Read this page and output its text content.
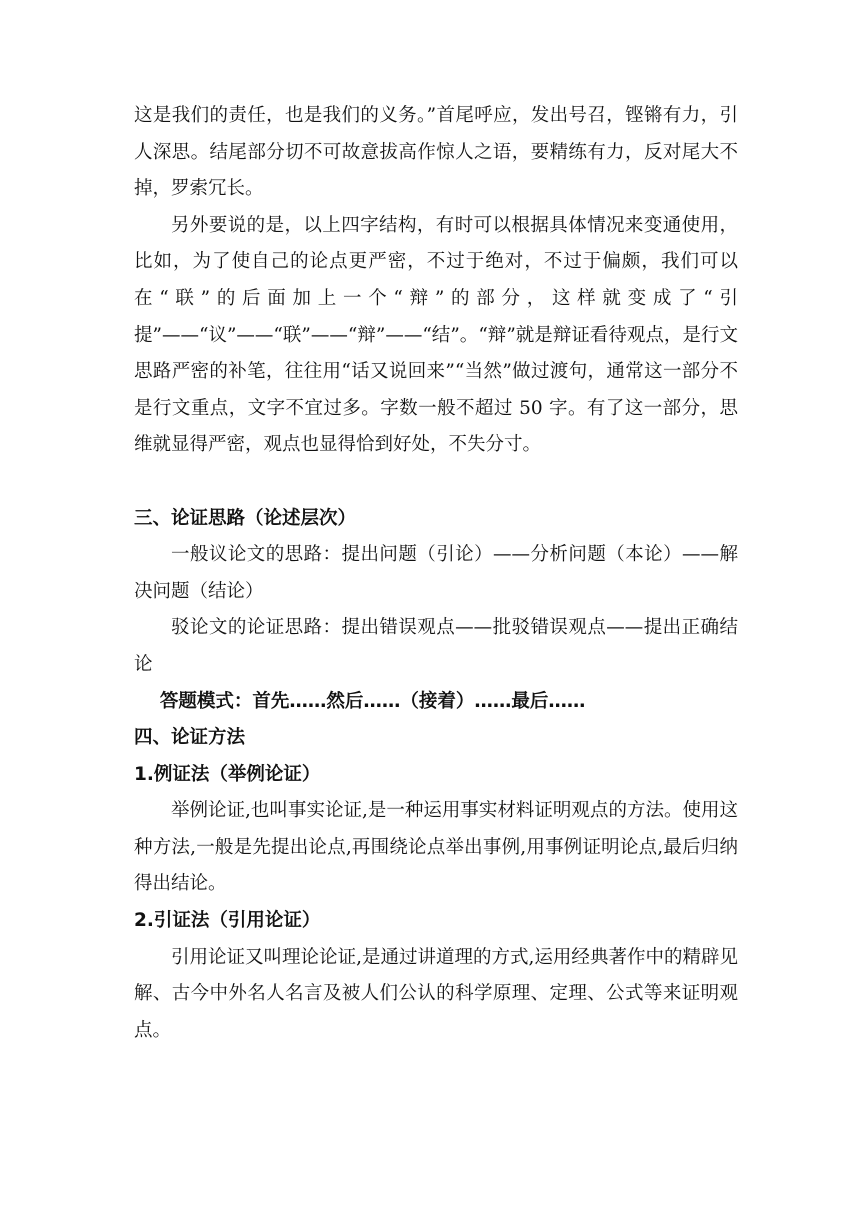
这是我们的责任，也是我们的义务。”首尾呼应，发出号召，铿锵有力，引人深思。结尾部分切不可故意拔高作惊人之语，要精练有力，反对尾大不掉，罗索冗长。

另外要说的是，以上四字结构，有时可以根据具体情况来变通使用，比如，为了使自己的论点更严密，不过于绝对，不过于偏颇，我们可以在“联”的后面加上一个“辩”的部分，这样就变成了“引提”——“议”——“联”——“辩”——“结”。“辩”就是辩证看待观点，是行文思路严密的补笔，往往用“话又说回来”“当然”做过渡句，通常这一部分不是行文重点，文字不宜过多。字数一般不超过 50 字。有了这一部分，思维就显得严密，观点也显得恰到好处，不失分寸。

三、论证思路（论述层次）

一般议论文的思路：提出问题（引论）——分析问题（本论）——解决问题（结论）

驳论文的论证思路：提出错误观点——批驳错误观点——提出正确结论

答题模式：首先……然后……（接着）……最后……

四、论证方法

1.例证法（举例论证）

举例论证,也叫事实论证,是一种运用事实材料证明观点的方法。使用这种方法,一般是先提出论点,再围绕论点举出事例,用事例证明论点,最后归纳得出结论。

2.引证法（引用论证）

引用论证又叫理论论证,是通过讲道理的方式,运用经典著作中的精辟见解、古今中外名人名言及被人们公认的科学原理、定理、公式等来证明观点。
